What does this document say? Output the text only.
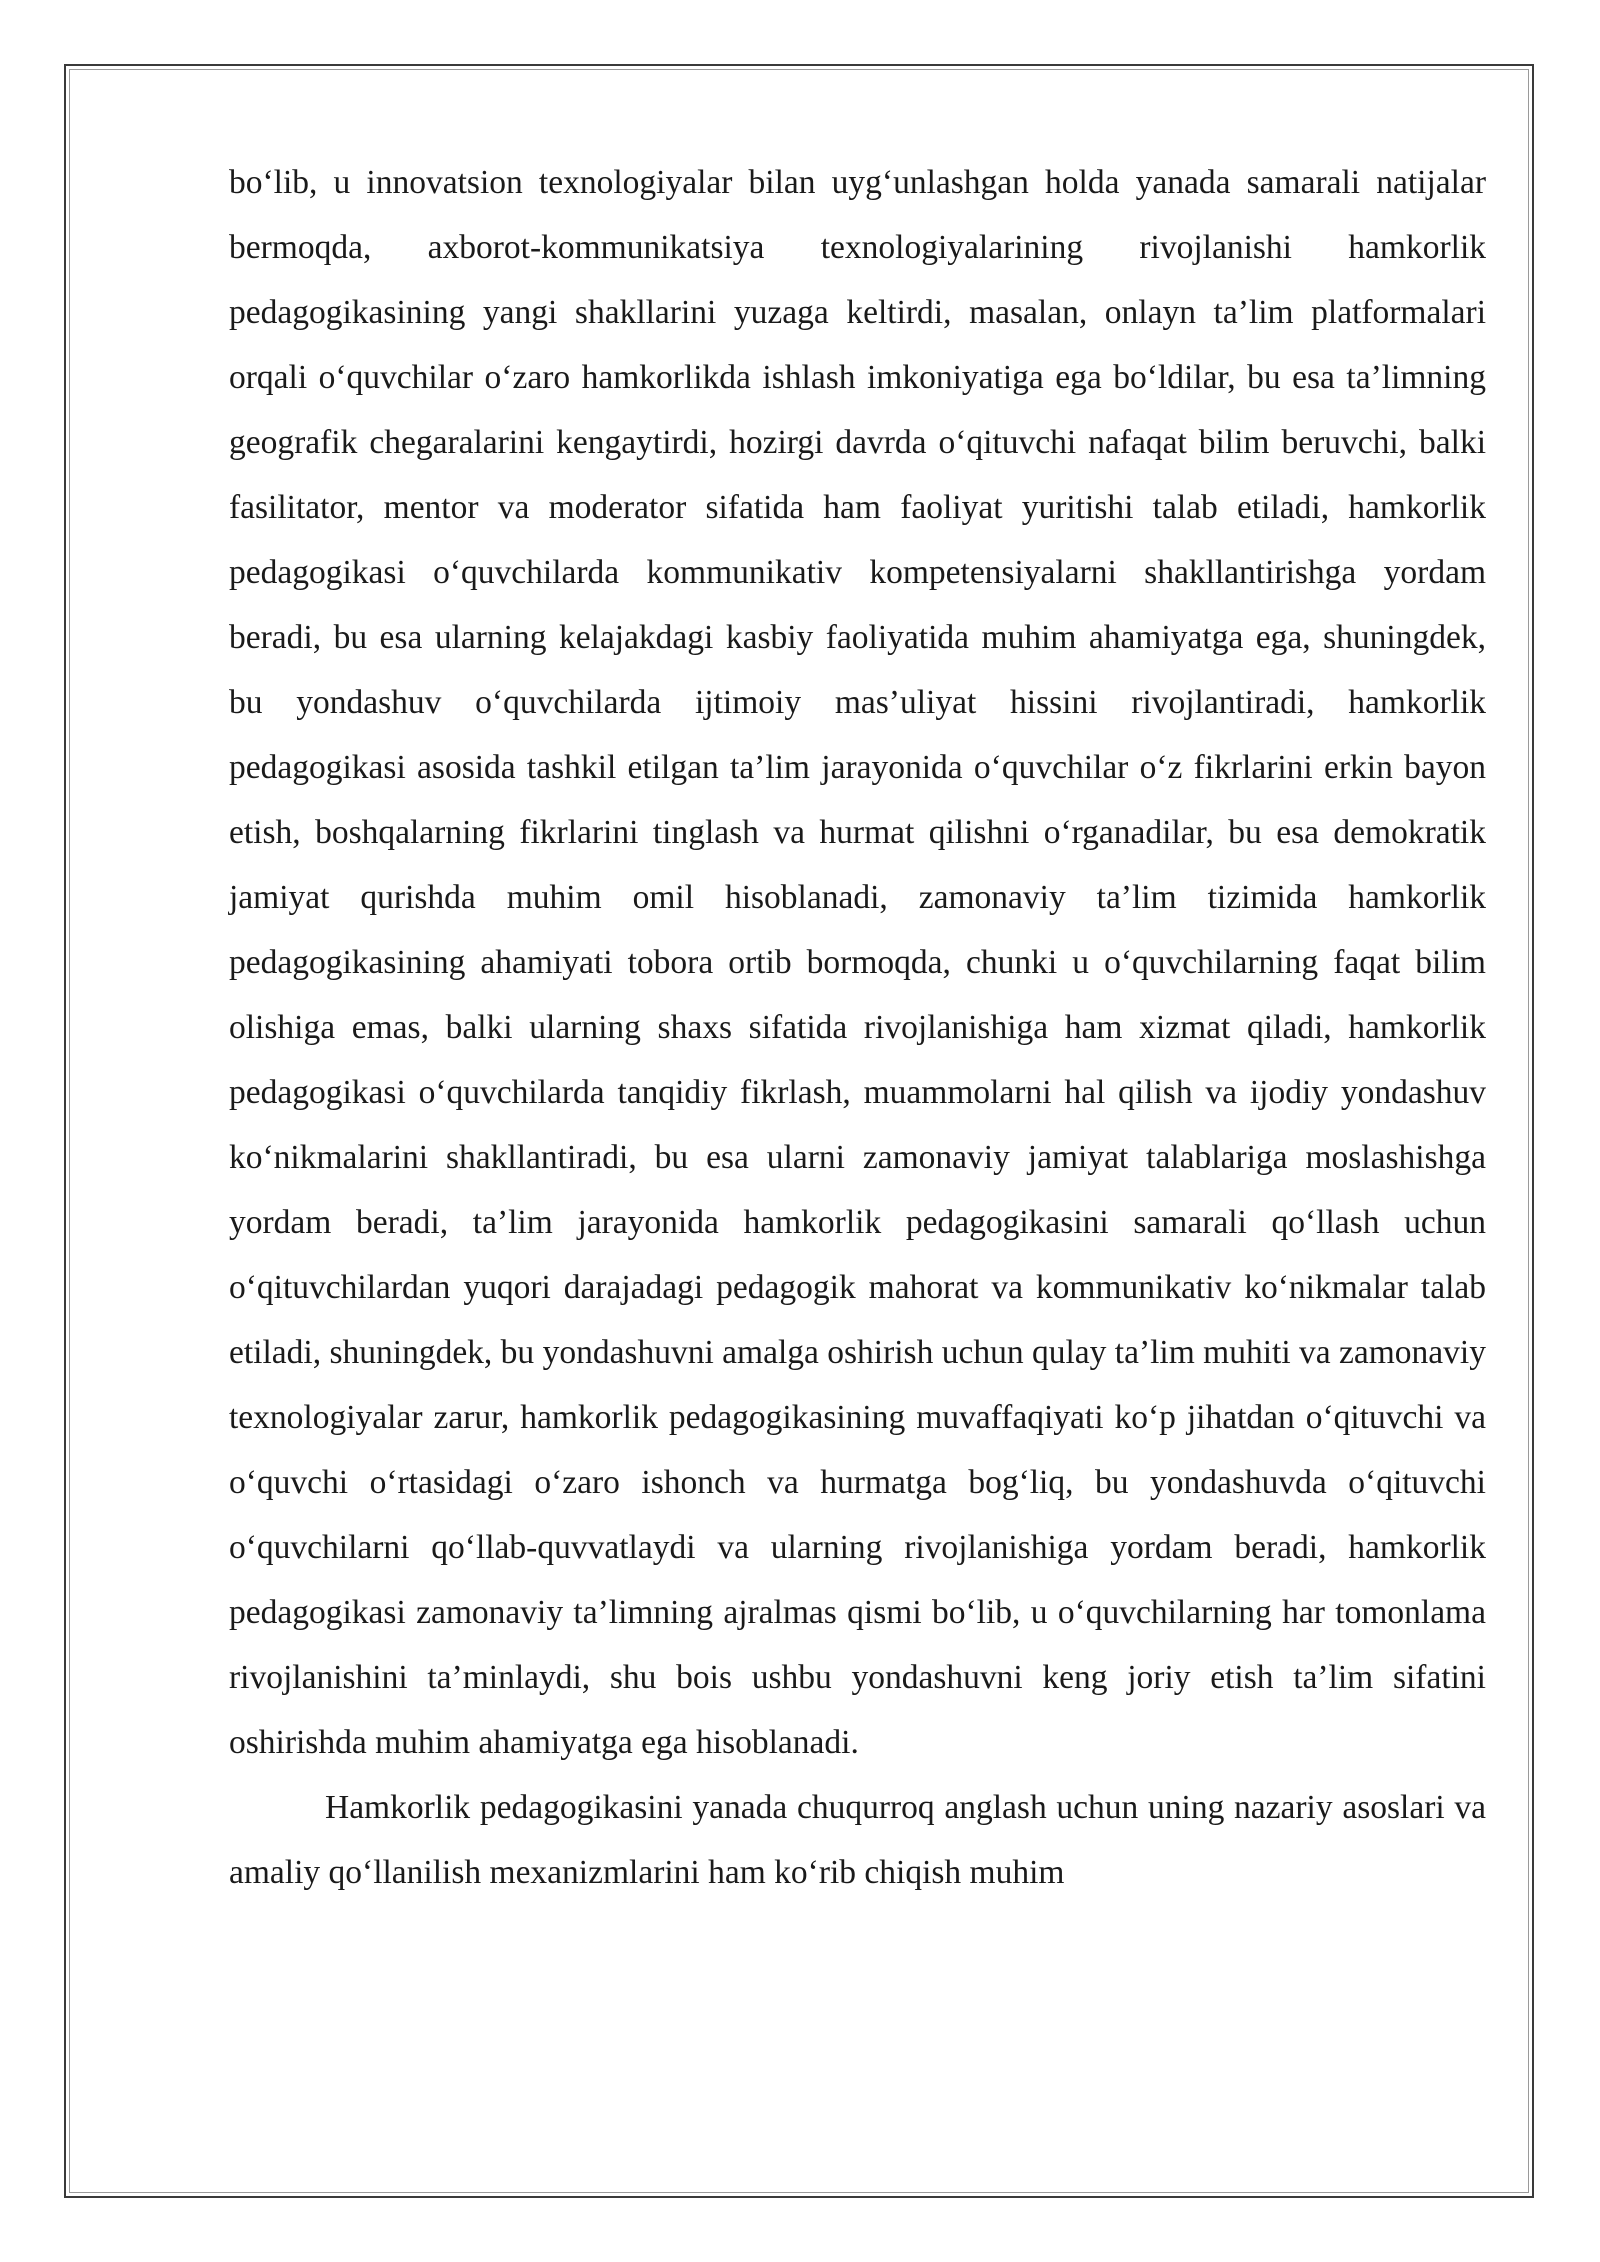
bo‘lib, u innovatsion texnologiyalar bilan uyg‘unlashgan holda yanada samarali natijalar bermoqda, axborot-kommunikatsiya texnologiyalarining rivojlanishi hamkorlik pedagogikasining yangi shakllarini yuzaga keltirdi, masalan, onlayn ta’lim platformalari orqali o‘quvchilar o‘zaro hamkorlikda ishlash imkoniyatiga ega bo‘ldilar, bu esa ta’limning geografik chegaralarini kengaytirdi, hozirgi davrda o‘qituvchi nafaqat bilim beruvchi, balki fasilitator, mentor va moderator sifatida ham faoliyat yuritishi talab etiladi, hamkorlik pedagogikasi o‘quvchilarda kommunikativ kompetensiyalarni shakllantirishga yordam beradi, bu esa ularning kelajakdagi kasbiy faoliyatida muhim ahamiyatga ega, shuningdek, bu yondashuv o‘quvchilarda ijtimoiy mas’uliyat hissini rivojlantiradi, hamkorlik pedagogikasi asosida tashkil etilgan ta’lim jarayonida o‘quvchilar o‘z fikrlarini erkin bayon etish, boshqalarning fikrlarini tinglash va hurmat qilishni o‘rganadilar, bu esa demokratik jamiyat qurishda muhim omil hisoblanadi, zamonaviy ta’lim tizimida hamkorlik pedagogikasining ahamiyati tobora ortib bormoqda, chunki u o‘quvchilarning faqat bilim olishiga emas, balki ularning shaxs sifatida rivojlanishiga ham xizmat qiladi, hamkorlik pedagogikasi o‘quvchilarda tanqidiy fikrlash, muammolarni hal qilish va ijodiy yondashuv ko‘nikmalarini shakllantiradi, bu esa ularni zamonaviy jamiyat talablariga moslashishga yordam beradi, ta’lim jarayonida hamkorlik pedagogikasini samarali qo‘llash uchun o‘qituvchilardan yuqori darajadagi pedagogik mahorat va kommunikativ ko‘nikmalar talab etiladi, shuningdek, bu yondashuvni amalga oshirish uchun qulay ta’lim muhiti va zamonaviy texnologiyalar zarur, hamkorlik pedagogikasining muvaffaqiyati ko‘p jihatdan o‘qituvchi va o‘quvchi o‘rtasidagi o‘zaro ishonch va hurmatga bog‘liq, bu yondashuvda o‘qituvchi o‘quvchilarni qo‘llab-quvvatlaydi va ularning rivojlanishiga yordam beradi, hamkorlik pedagogikasi zamonaviy ta’limning ajralmas qismi bo‘lib, u o‘quvchilarning har tomonlama rivojlanishini ta’minlaydi, shu bois ushbu yondashuvni keng joriy etish ta’lim sifatini oshirishda muhim ahamiyatga ega hisoblanadi.

Hamkorlik pedagogikasini yanada chuqurroq anglash uchun uning nazariy asoslari va amaliy qo‘llanilish mexanizmlarini ham ko‘rib chiqish muhim
